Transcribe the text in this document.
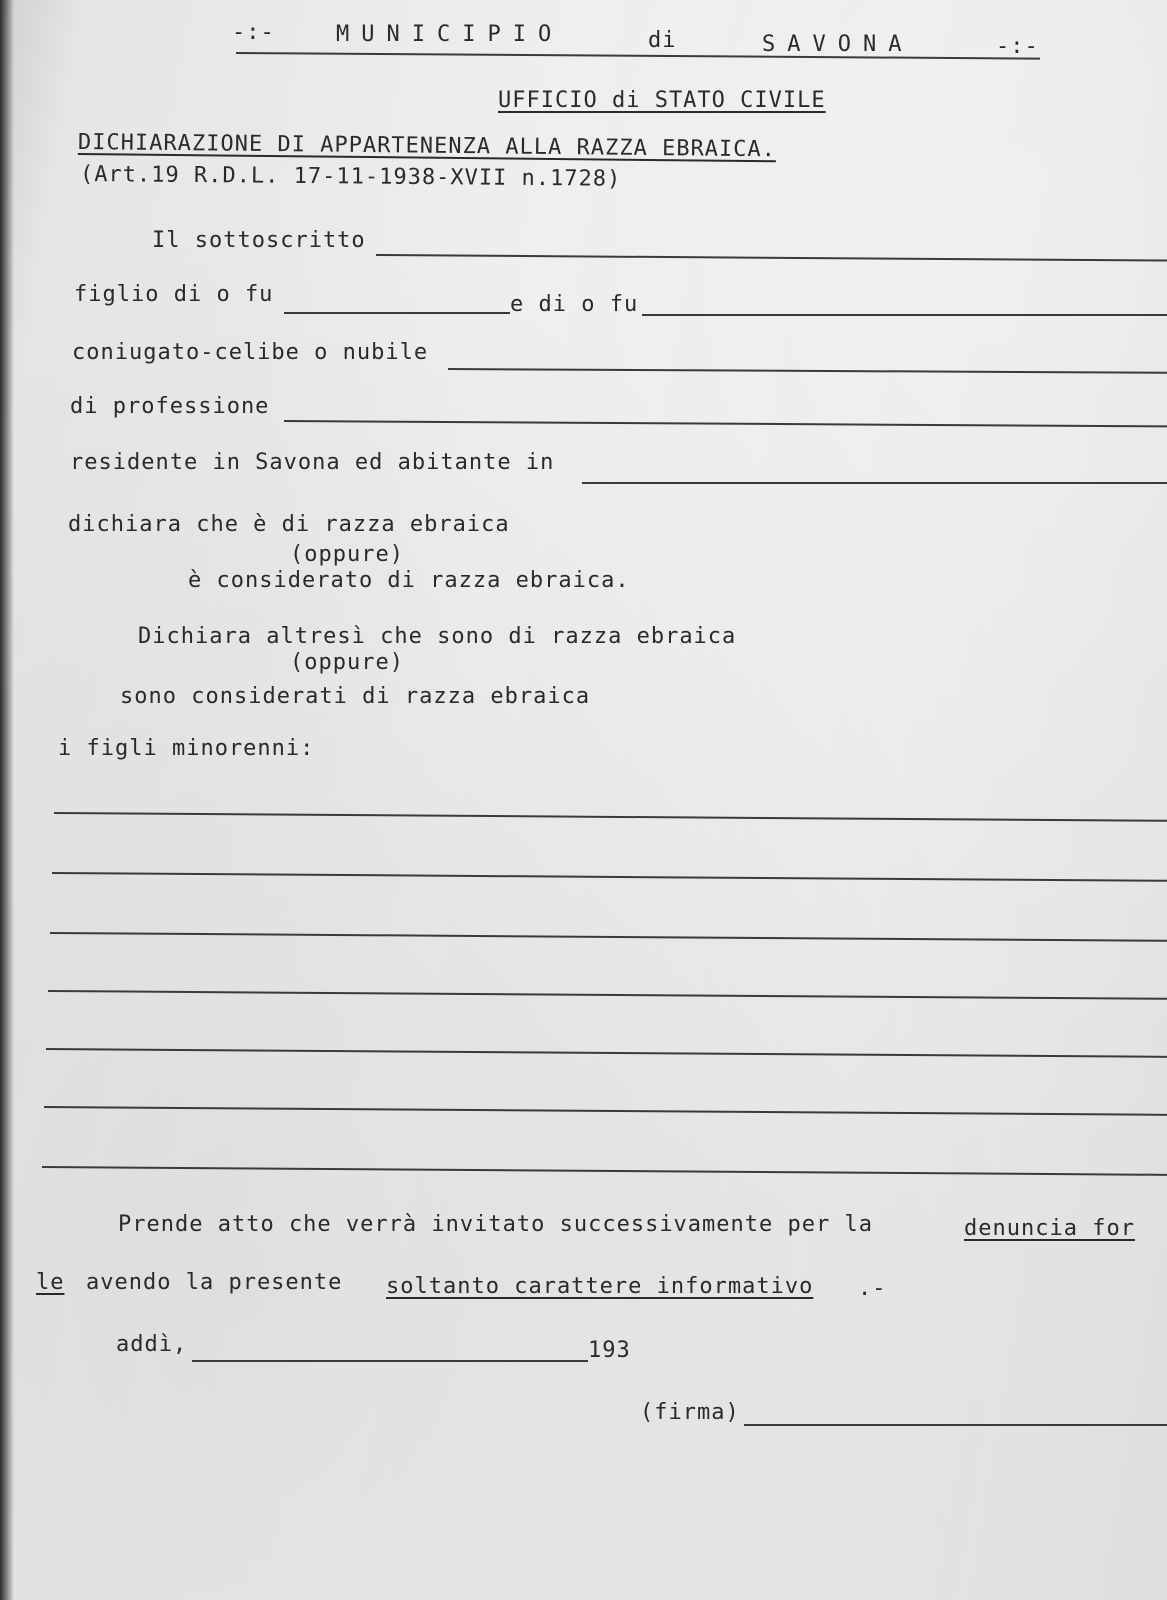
-:-	MUNICIPIO	di	SAVONA	-:-
UFFICIO di STATO CIVILE
DICHIARAZIONE DI APPARTENENZA ALLA RAZZA EBRAICA.
(Art.19 R.D.L. 17-11-1938-XVII n.1728)
Il sottoscritto
figlio di o fu	e di o fu
coniugato-celibe o nubile
di professione
residente in Savona ed abitante in
dichiara che è di razza ebraica
(oppure)
è considerato di razza ebraica.
Dichiara altresì che sono di razza ebraica
(oppure)
sono considerati di razza ebraica
i figli minorenni:
Prende atto che verrà invitato successivamente per la	denuncia for
le avendo la presente soltanto carattere informativo .-
addì,	193
(firma)
